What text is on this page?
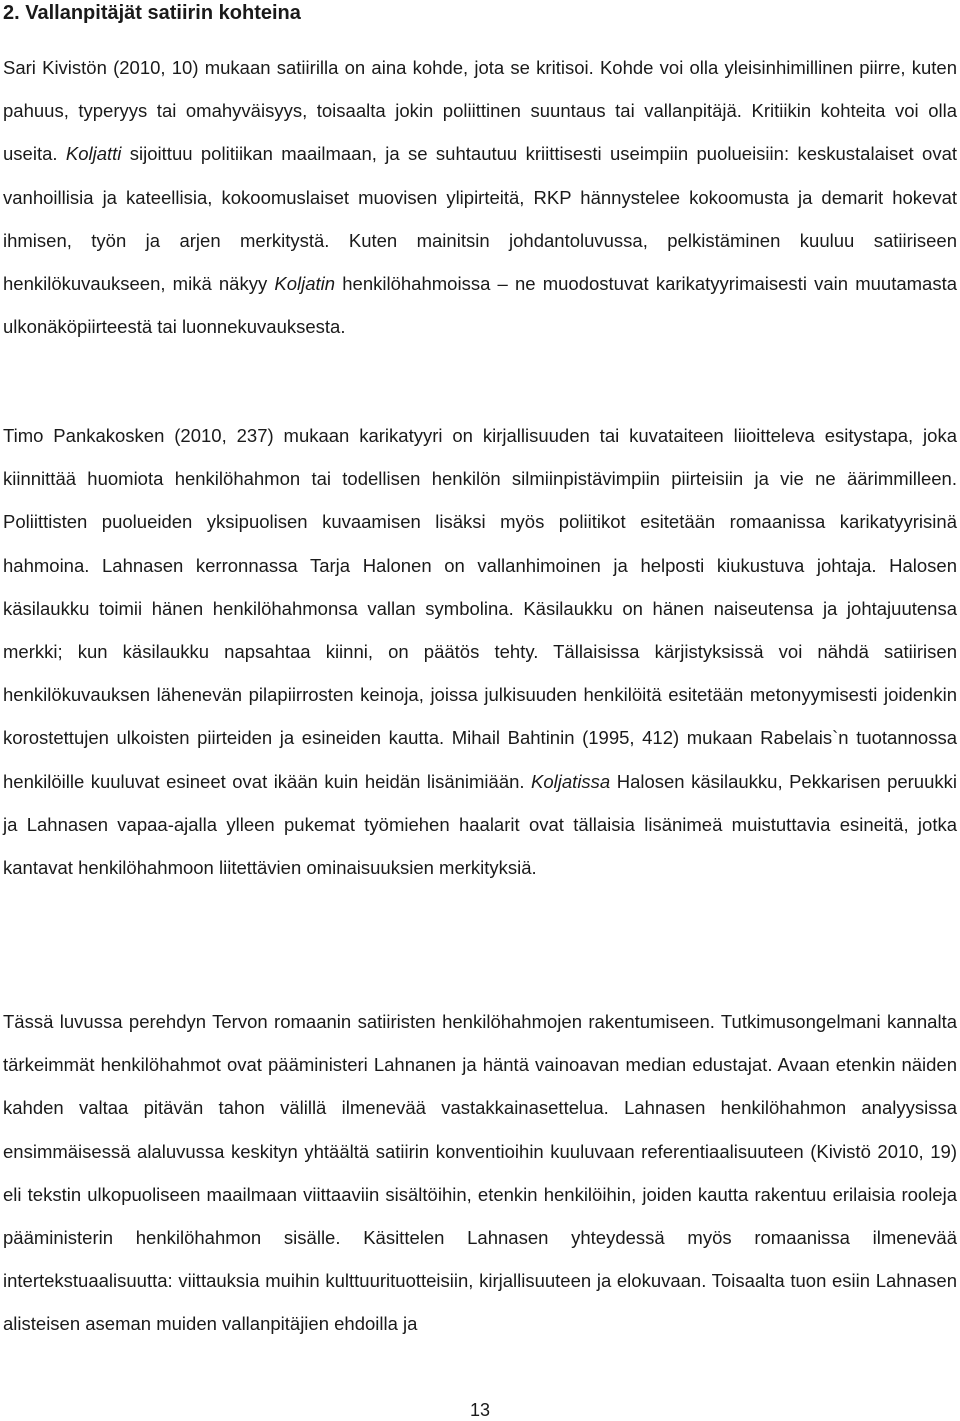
2. Vallanpitäjät satiirin kohteina

Sari Kivistön (2010, 10) mukaan satiirilla on aina kohde, jota se kritisoi. Kohde voi olla yleisinhimillinen piirre, kuten pahuus, typeryys tai omahyväisyys, toisaalta jokin poliittinen suuntaus tai vallanpitäjä. Kritiikin kohteita voi olla useita. Koljatti sijoittuu politiikan maailmaan, ja se suhtautuu kriittisesti useimpiin puolueisiin: keskustalaiset ovat vanhoillisia ja kateellisia, kokoomuslaiset muovisen ylipirteitä, RKP hännystelee kokoomusta ja demarit hokevat ihmisen, työn ja arjen merkitystä. Kuten mainitsin johdantoluvussa, pelkistäminen kuuluu satiiriseen henkilökuvaukseen, mikä näkyy Koljatin henkilöhahmoissa – ne muodostuvat karikatyyrimaisesti vain muutamasta ulkonäköpiirteestä tai luonnekuvauksesta.

Timo Pankakosken (2010, 237) mukaan karikatyyri on kirjallisuuden tai kuvataiteen liioitteleva esitystapa, joka kiinnittää huomiota henkilöhahmon tai todellisen henkilön silmiinpistävimpiin piirteisiin ja vie ne äärimmilleen. Poliittisten puolueiden yksipuolisen kuvaamisen lisäksi myös poliitikot esitetään romaanissa karikatyyrisinä hahmoina. Lahnasen kerronnassa Tarja Halonen on vallanhimoinen ja helposti kiukustuva johtaja. Halosen käsilaukku toimii hänen henkilöhahmonsa vallan symbolina. Käsilaukku on hänen naiseutensa ja johtajuutensa merkki; kun käsilaukku napsahtaa kiinni, on päätös tehty. Tällaisissa kärjistyksissä voi nähdä satiirisen henkilökuvauksen lähenevän pilapiirrosten keinoja, joissa julkisuuden henkilöitä esitetään metonyymisesti joidenkin korostettujen ulkoisten piirteiden ja esineiden kautta. Mihail Bahtinin (1995, 412) mukaan Rabelais`n tuotannossa henkilöille kuuluvat esineet ovat ikään kuin heidän lisänimiään. Koljatissa Halosen käsilaukku, Pekkarisen peruukki ja Lahnasen vapaa-ajalla ylleen pukemat työmiehen haalarit ovat tällaisia lisänimeä muistuttavia esineitä, jotka kantavat henkilöhahmoon liitettävien ominaisuuksien merkityksiä.

Tässä luvussa perehdyn Tervon romaanin satiiristen henkilöhahmojen rakentumiseen. Tutkimusongelmani kannalta tärkeimmät henkilöhahmot ovat pääministeri Lahnanen ja häntä vainoavan median edustajat. Avaan etenkin näiden kahden valtaa pitävän tahon välillä ilmenevää vastakkainasettelua. Lahnasen henkilöhahmon analyysissa ensimmäisessä alaluvussa keskityn yhtäältä satiirin konventioihin kuuluvaan referentiaalisuuteen (Kivistö 2010, 19) eli tekstin ulkopuoliseen maailmaan viittaaviin sisältöihin, etenkin henkilöihin, joiden kautta rakentuu erilaisia rooleja pääministerin henkilöhahmon sisälle. Käsittelen Lahnasen yhteydessä myös romaanissa ilmenevää intertekstuaalisuutta: viittauksia muihin kulttuurituotteisiin, kirjallisuuteen ja elokuvaan. Toisaalta tuon esiin Lahnasen alisteisen aseman muiden vallanpitäjien ehdoilla ja

13
